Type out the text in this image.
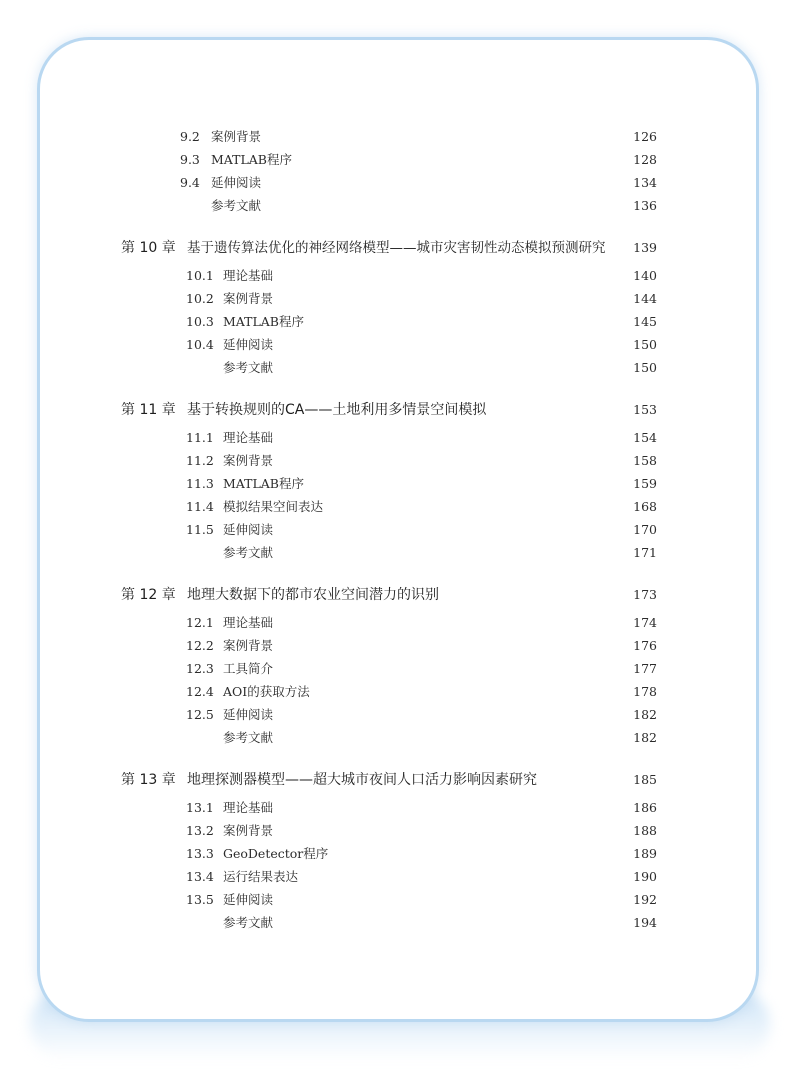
9.2 案例背景	126
9.3 MATLAB程序	128
9.4 延伸阅读	134
参考文献	136
第 10 章 基于遗传算法优化的神经网络模型——城市灾害韧性动态模拟预测研究 139
10.1 理论基础	140
10.2 案例背景	144
10.3 MATLAB程序	145
10.4 延伸阅读	150
参考文献	150
第 11 章 基于转换规则的CA——土地利用多情景空间模拟	153
11.1 理论基础	154
11.2 案例背景	158
11.3 MATLAB程序	159
11.4 模拟结果空间表达	168
11.5 延伸阅读	170
参考文献	171
第 12 章 地理大数据下的都市农业空间潜力的识别	173
12.1 理论基础	174
12.2 案例背景	176
12.3 工具简介	177
12.4 AOI的获取方法	178
12.5 延伸阅读	182
参考文献	182
第 13 章 地理探测器模型——超大城市夜间人口活力影响因素研究	185
13.1 理论基础	186
13.2 案例背景	188
13.3 GeoDetector程序	189
13.4 运行结果表达	190
13.5 延伸阅读	192
参考文献	194
